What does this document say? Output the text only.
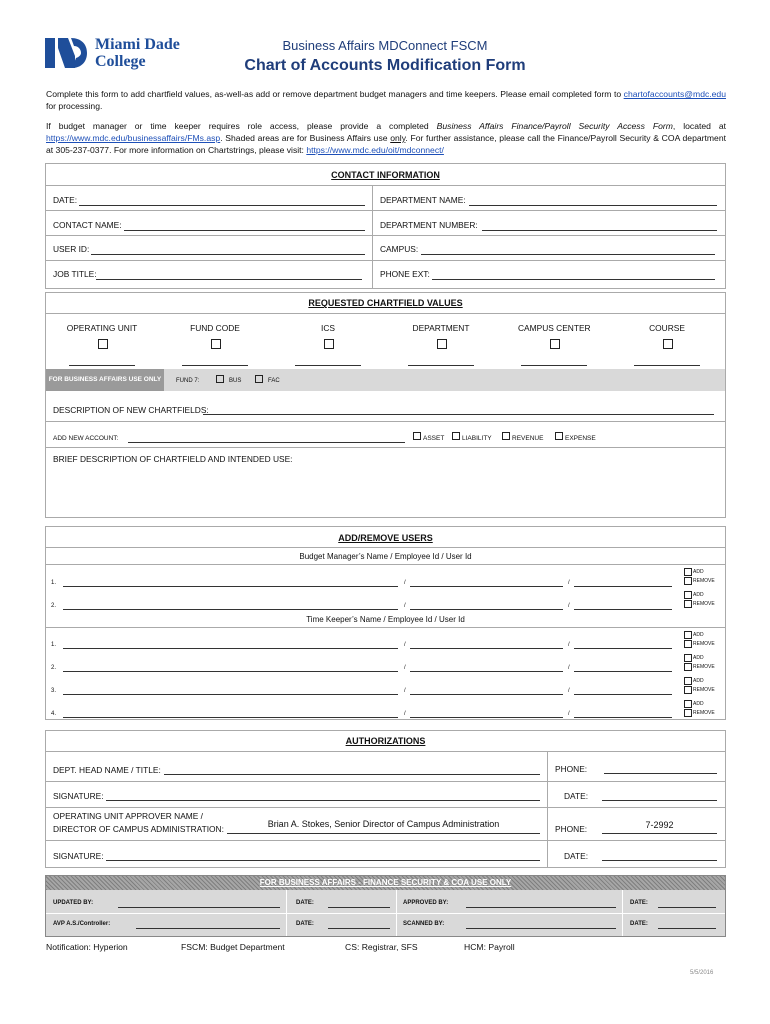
Miami Dade
College
Business Affairs MDConnect FSCM
Chart of Accounts Modification Form
Complete this form to add chartfield values, as-well-as add or remove department budget managers and time keepers. Please email completed form to chartofaccounts@mdc.edu for processing.
If budget manager or time keeper requires role access, please provide a completed Business Affairs Finance/Payroll Security Access Form, located at https://www.mdc.edu/businessaffairs/FMs.asp. Shaded areas are for Business Affairs use only. For further assistance, please call the Finance/Payroll Security & COA department at 305-237-0377. For more information on Chartstrings, please visit: https://www.mdc.edu/oit/mdconnect/
CONTACT INFORMATION
DATE:	DEPARTMENT NAME:
CONTACT NAME:	DEPARTMENT NUMBER:
USER ID:	CAMPUS:
JOB TITLE:	PHONE EXT:
REQUESTED CHARTFIELD VALUES
OPERATING UNIT	FUND CODE	ICS	DEPARTMENT	CAMPUS CENTER	COURSE
FOR BUSINESS AFFAIRS USE ONLY	FUND 7:	BUS	FAC
DESCRIPTION OF NEW CHARTFIELDS:
ADD NEW ACCOUNT:	ASSET	LIABILITY	REVENUE	EXPENSE
BRIEF DESCRIPTION OF CHARTFIELD AND INTENDED USE:
ADD/REMOVE USERS
Budget Manager’s Name / Employee Id / User Id
1.	/	/
ADD
REMOVE
2.	/	/
ADD
REMOVE
Time Keeper’s Name / Employee Id / User Id
1.	/	/
ADD
REMOVE
2.	/	/
ADD
REMOVE
3.	/	/
ADD
REMOVE
4.	/	/
ADD
REMOVE
AUTHORIZATIONS
DEPT. HEAD NAME / TITLE:	PHONE:
SIGNATURE:	DATE:
OPERATING UNIT APPROVER NAME /
DIRECTOR OF CAMPUS ADMINISTRATION:	Brian A. Stokes, Senior Director of Campus Administration	PHONE:	7-2992
SIGNATURE:	DATE:
FOR BUSINESS AFFAIRS - FINANCE SECURITY & COA USE ONLY
UPDATED BY:	DATE:	APPROVED BY:	DATE:
AVP A.S./Controller:	DATE:	SCANNED BY:	DATE:
Notification: Hyperion	FSCM: Budget Department	CS: Registrar, SFS	HCM: Payroll
5/5/2016
